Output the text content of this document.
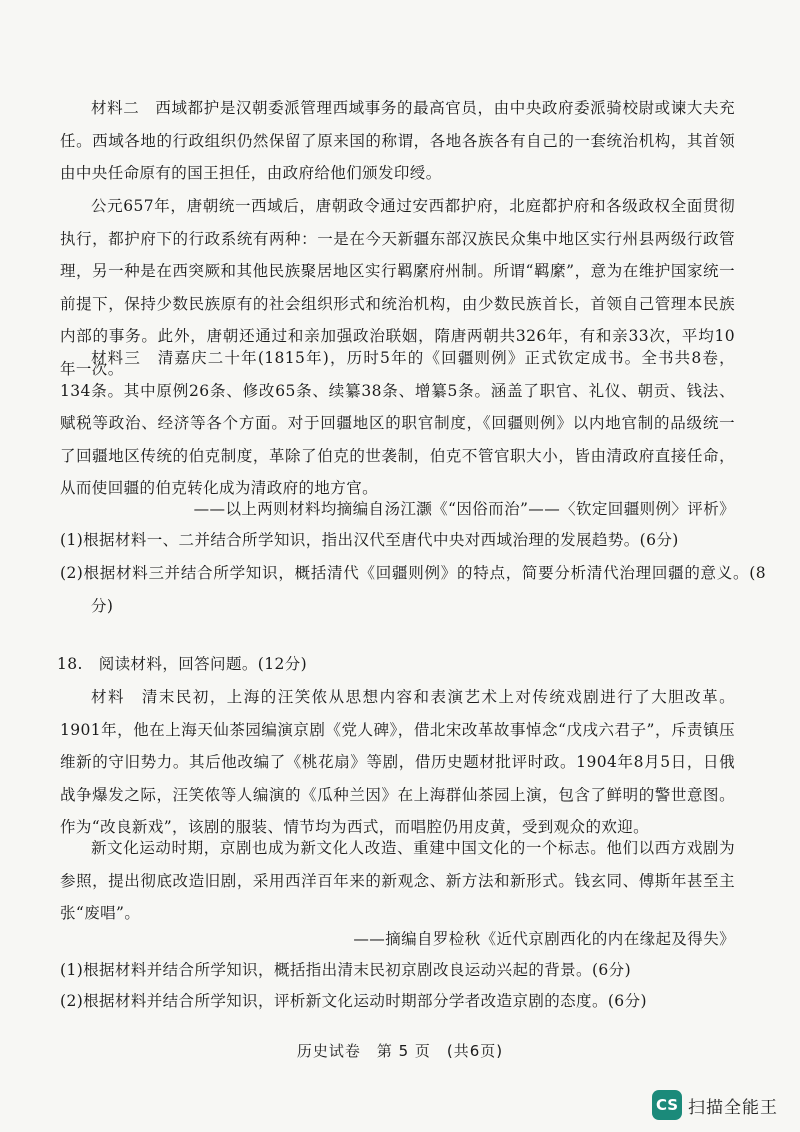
材料二　西域都护是汉朝委派管理西域事务的最高官员，由中央政府委派骑校尉或谏大夫充任。西域各地的行政组织仍然保留了原来国的称谓，各地各族各有自己的一套统治机构，其首领由中央任命原有的国王担任，由政府给他们颁发印绶。
公元657年，唐朝统一西域后，唐朝政令通过安西都护府，北庭都护府和各级政权全面贯彻执行，都护府下的行政系统有两种：一是在今天新疆东部汉族民众集中地区实行州县两级行政管理，另一种是在西突厥和其他民族聚居地区实行羁縻府州制。所谓“羁縻”，意为在维护国家统一前提下，保持少数民族原有的社会组织形式和统治机构，由少数民族首长，首领自己管理本民族内部的事务。此外，唐朝还通过和亲加强政治联姻，隋唐两朝共326年，有和亲33次，平均10年一次。
材料三　清嘉庆二十年(1815年)，历时5年的《回疆则例》正式钦定成书。全书共8卷，134条。其中原例26条、修改65条、续纂38条、增纂5条。涵盖了职官、礼仪、朝贡、钱法、赋税等政治、经济等各个方面。对于回疆地区的职官制度，《回疆则例》以内地官制的品级统一了回疆地区传统的伯克制度，革除了伯克的世袭制，伯克不管官职大小，皆由清政府直接任命，从而使回疆的伯克转化成为清政府的地方官。
——以上两则材料均摘编自汤江灏《“因俗而治”——〈钦定回疆则例〉评析》
(1)根据材料一、二并结合所学知识，指出汉代至唐代中央对西域治理的发展趋势。(6分)
(2)根据材料三并结合所学知识，概括清代《回疆则例》的特点，简要分析清代治理回疆的意义。(8分)
18.　阅读材料，回答问题。(12分)
材料　清末民初，上海的汪笑侬从思想内容和表演艺术上对传统戏剧进行了大胆改革。1901年，他在上海天仙茶园编演京剧《党人碑》，借北宋改革故事悼念“戊戌六君子”，斥责镇压维新的守旧势力。其后他改编了《桃花扇》等剧，借历史题材批评时政。1904年8月5日，日俄战争爆发之际，汪笑侬等人编演的《瓜种兰因》在上海群仙茶园上演，包含了鲜明的警世意图。作为“改良新戏”，该剧的服装、情节均为西式，而唱腔仍用皮黄，受到观众的欢迎。
新文化运动时期，京剧也成为新文化人改造、重建中国文化的一个标志。他们以西方戏剧为参照，提出彻底改造旧剧，采用西洋百年来的新观念、新方法和新形式。钱玄同、傅斯年甚至主张“废唱”。
——摘编自罗检秋《近代京剧西化的内在缘起及得失》
(1)根据材料并结合所学知识，概括指出清末民初京剧改良运动兴起的背景。(6分)
(2)根据材料并结合所学知识，评析新文化运动时期部分学者改造京剧的态度。(6分)
历史试卷　第 5 页　(共6页)
CS 扫描全能王
